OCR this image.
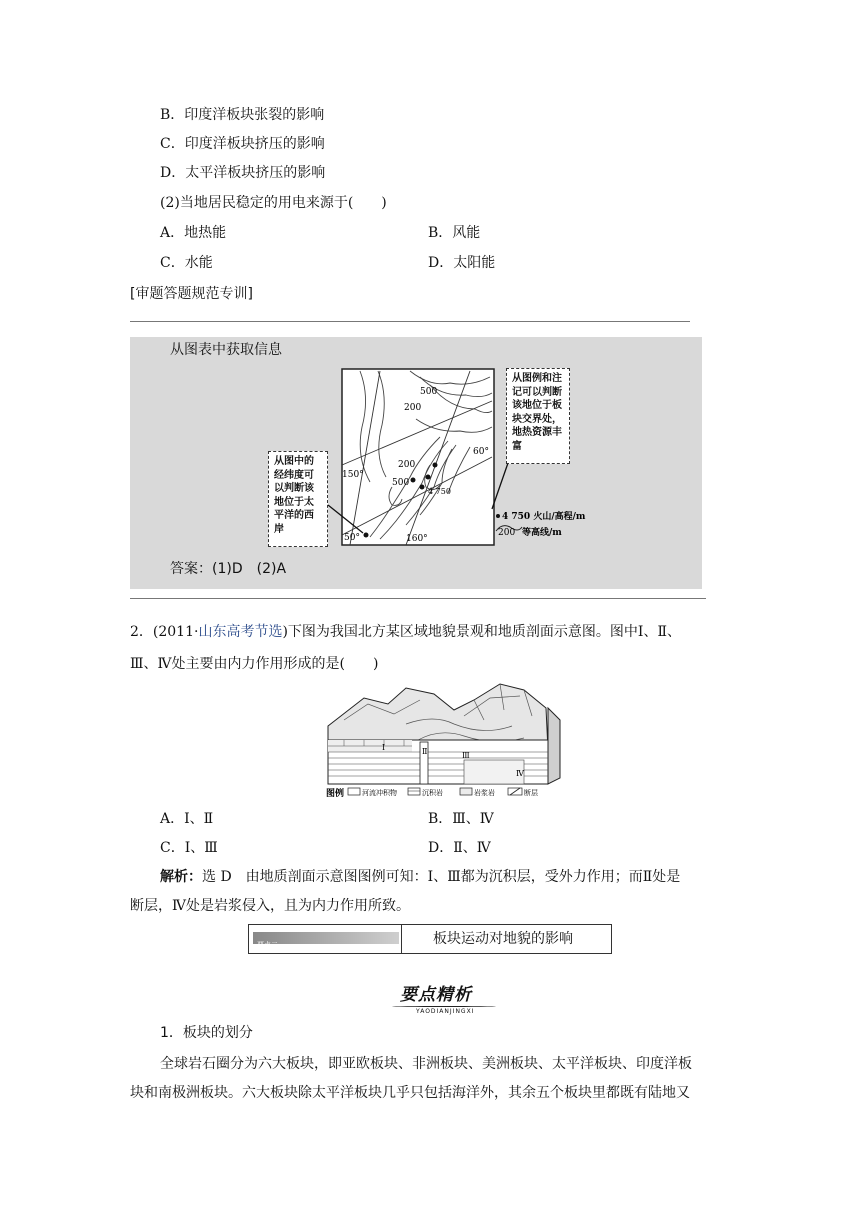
B．印度洋板块张裂的影响
C．印度洋板块挤压的影响
D．太平洋板块挤压的影响
(2)当地居民稳定的用电来源于(　　)
A．地热能	B．风能
C．水能	D．太阳能
[审题答题规范专训]
从图表中获取信息
500
200
200
500
60°
150°
50°	160°
4 750
4 750 火山/高程/m
200 等高线/m
从图中的经纬度可以判断该地位于太平洋的西岸
从图例和注记可以判断该地位于板块交界处，地热资源丰富
答案：(1)D　(2)A
2．(2011·山东高考节选)下图为我国北方某区域地貌景观和地质剖面示意图。图中Ⅰ、Ⅱ、
Ⅲ、Ⅳ处主要由内力作用形成的是(　　)
Ⅲ
Ⅱ
Ⅳ
Ⅰ
图例	河流冲积物	沉积岩	岩浆岩	断层
A．Ⅰ、Ⅱ	B．Ⅲ、Ⅳ
C．Ⅰ、Ⅲ	D．Ⅱ、Ⅳ
解析：选 D　由地质剖面示意图图例可知：Ⅰ、Ⅲ都为沉积层，受外力作用；而Ⅱ处是
断层，Ⅳ处是岩浆侵入，且为内力作用所致。
要点二	板块运动对地貌的影响
要点精析
YAODIANJINGXI
1．板块的划分
全球岩石圈分为六大板块，即亚欧板块、非洲板块、美洲板块、太平洋板块、印度洋板
块和南极洲板块。六大板块除太平洋板块几乎只包括海洋外，其余五个板块里都既有陆地又
